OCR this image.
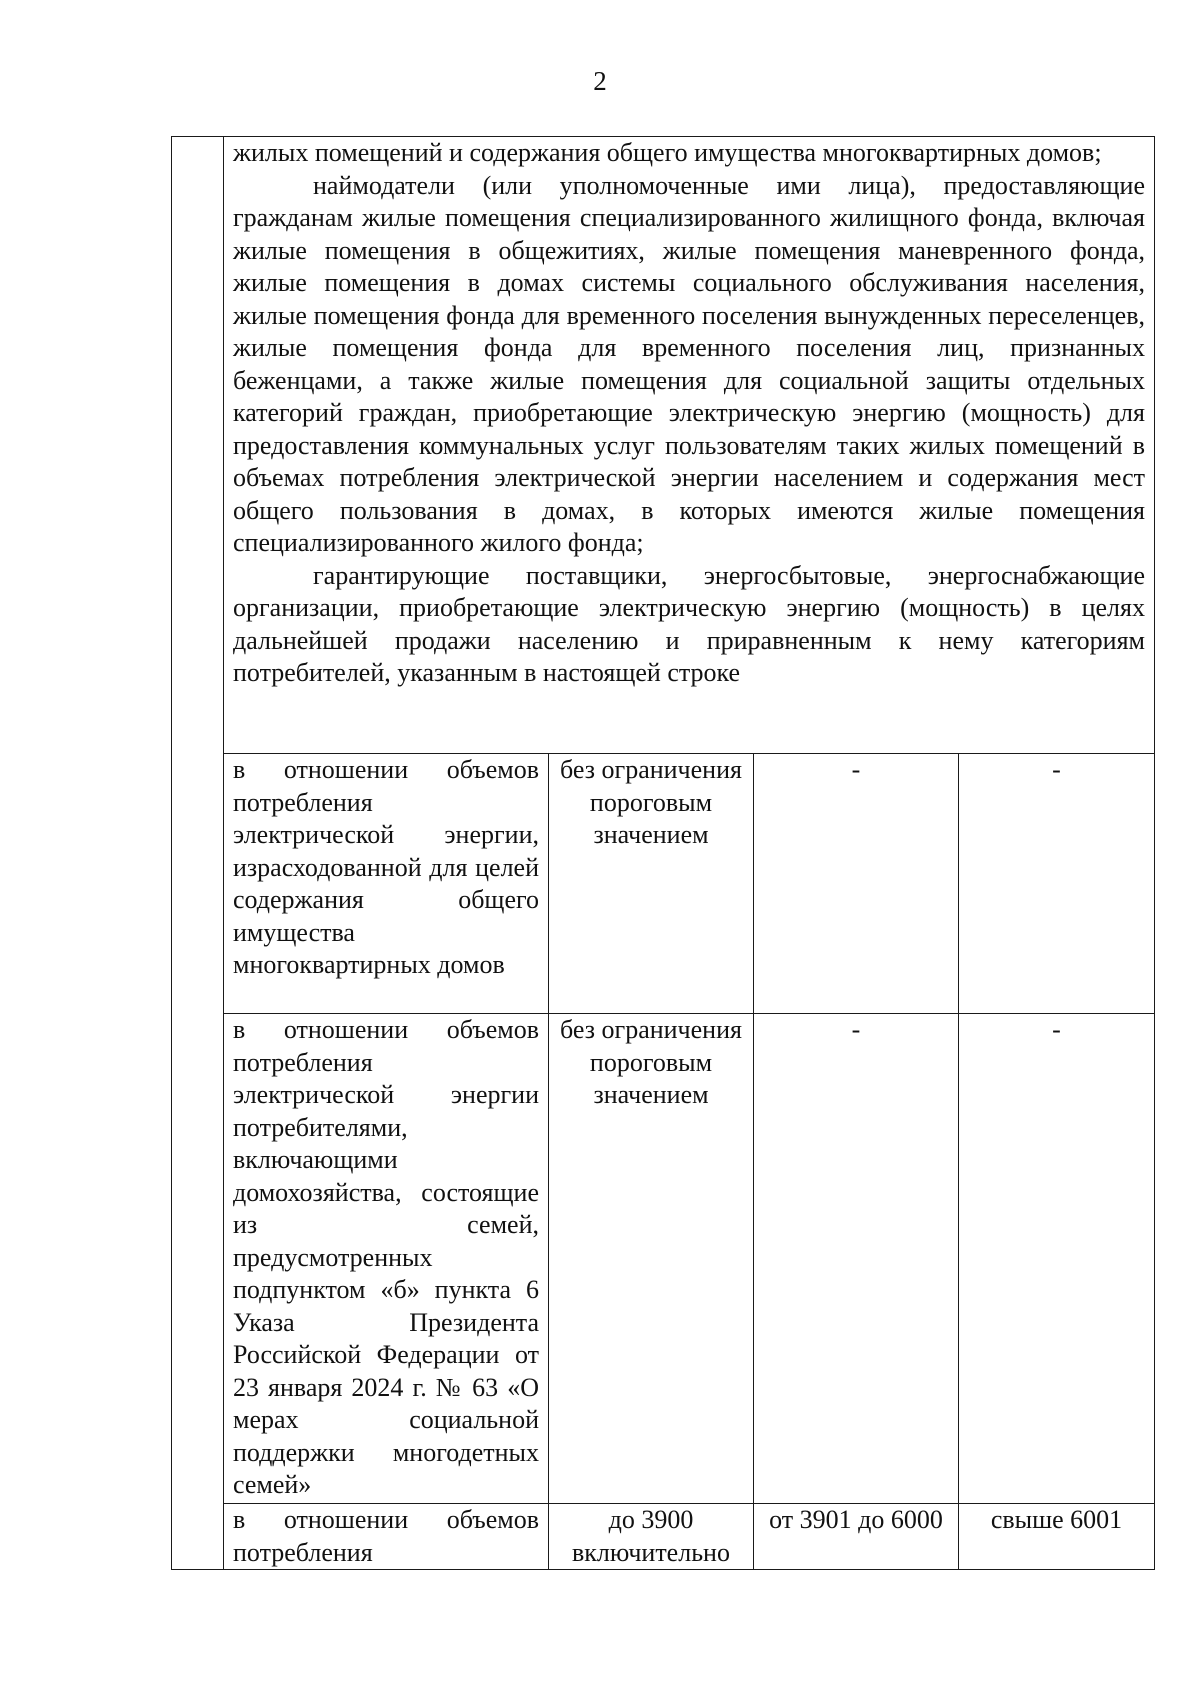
2

	жилых помещений и содержания общего имущества многоквартирных домов;

наймодатели (или уполномоченные ими лица), предоставляющие гражданам жилые помещения специализированного жилищного фонда, включая жилые помещения в общежитиях, жилые помещения маневренного фонда, жилые помещения в домах системы социального обслуживания населения, жилые помещения фонда для временного поселения вынужденных переселенцев, жилые помещения фонда для временного поселения лиц, признанных беженцами, а также жилые помещения для социальной защиты отдельных категорий граждан, приобретающие электрическую энергию (мощность) для предоставления коммунальных услуг пользователям таких жилых помещений в объемах потребления электрической энергии населением и содержания мест общего пользования в домах, в которых имеются жилые помещения специализированного жилого фонда;

гарантирующие поставщики, энергосбытовые, энергоснабжающие организации, приобретающие электрическую энергию (мощность) в целях дальнейшей продажи населению и приравненным к нему категориям потребителей, указанным в настоящей строке			

	в отношении объемов потребления электрической энергии, израсходованной для целей содержания общего имущества многоквартирных домов	без ограничения пороговым значением	-	-

	в отношении объемов потребления электрической энергии потребителями, включающими домохозяйства, состоящие из семей, предусмотренных подпунктом «б» пункта 6 Указа Президента Российской Федерации от 23 января 2024 г. № 63 «О мерах социальной поддержки многодетных семей»	без ограничения пороговым значением	-	-

	в отношении объемов потребления	до 3900 включительно	от 3901 до 6000	свыше 6001
